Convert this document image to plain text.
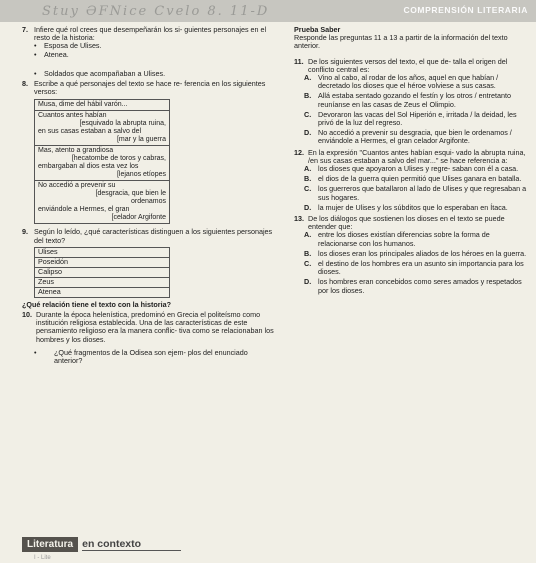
COMPRENSIÓN LITERARIA
Stuy ƏFNice Cvelo 8. 11-D
7. Infiere qué rol crees que desempeñarán los si- guientes personajes en el resto de la historia:
• Esposa de Ulises.
• Atenea.
• Soldados que acompañaban a Ulises.
8. Escribe a qué personajes del texto se hace re- ferencia en los siguientes versos:
Musa, dime del hábil varón...

Cuantos antes habían
[esquivado la abrupta ruina,
en sus casas estaban a salvo del
[mar y la guerra

Mas, atento a grandiosa
[hecatombe de toros y cabras,
embargaban al dios esta vez los
[lejanos etíopes

No accedió a prevenir su
[desgracia, que bien le
ordenamos
enviándole a Hermes, el gran
[celador Argifonte
9. Según lo leído, ¿qué características distinguen a los siguientes personajes del texto?
Ulises
Poseidón
Calipso
Zeus
Atenea
¿Qué relación tiene el texto con la historia?
10. Durante la época helenística, predominó en Grecia el politeísmo como institución religiosa establecida. Una de las características de este pensamiento religioso era la manera conflic- tiva como se relacionaban los hombres y los dioses.
• ¿Qué fragmentos de la Odisea son ejem- plos del enunciado anterior?
Prueba Saber
Responde las preguntas 11 a 13 a partir de la información del texto anterior.
11. De los siguientes versos del texto, el que de- talla el origen del conflicto central es:
A. Vino al cabo, al rodar de los años, aquel en que habían / decretado los dioses que el héroe volviese a sus casas.
B. Allá estaba sentado gozando el festín y los otros / entretanto reuníanse en las casas de Zeus el Olimpio.
C. Devoraron las vacas del Sol Hiperión e, irritada / la deidad, les privó de la luz del regreso.
D. No accedió a prevenir su desgracia, que bien le ordenamos / enviándole a Hermes, el gran celador Argifonte.
12. En la expresión "Cuantos antes habían esqui- vado la abrupta ruina, /en sus casas estaban a salvo del mar..." se hace referencia a:
A. los dioses que apoyaron a Ulises y regre- saban con él a casa.
B. el dios de la guerra quien permitió que Ulises ganara en batalla.
C. los guerreros que batallaron al lado de Ulises y que regresaban a sus hogares.
D. la mujer de Ulises y los súbditos que lo esperaban en Ítaca.
13. De los diálogos que sostienen los dioses en el texto se puede entender que:
A. entre los dioses existían diferencias sobre la forma de relacionarse con los humanos.
B. los dioses eran los principales aliados de los héroes en la guerra.
C. el destino de los hombres era un asunto sin importancia para los dioses.
D. los hombres eran concebidos como seres amados y respetados por los dioses.
Literatura en contexto
I - Lite
